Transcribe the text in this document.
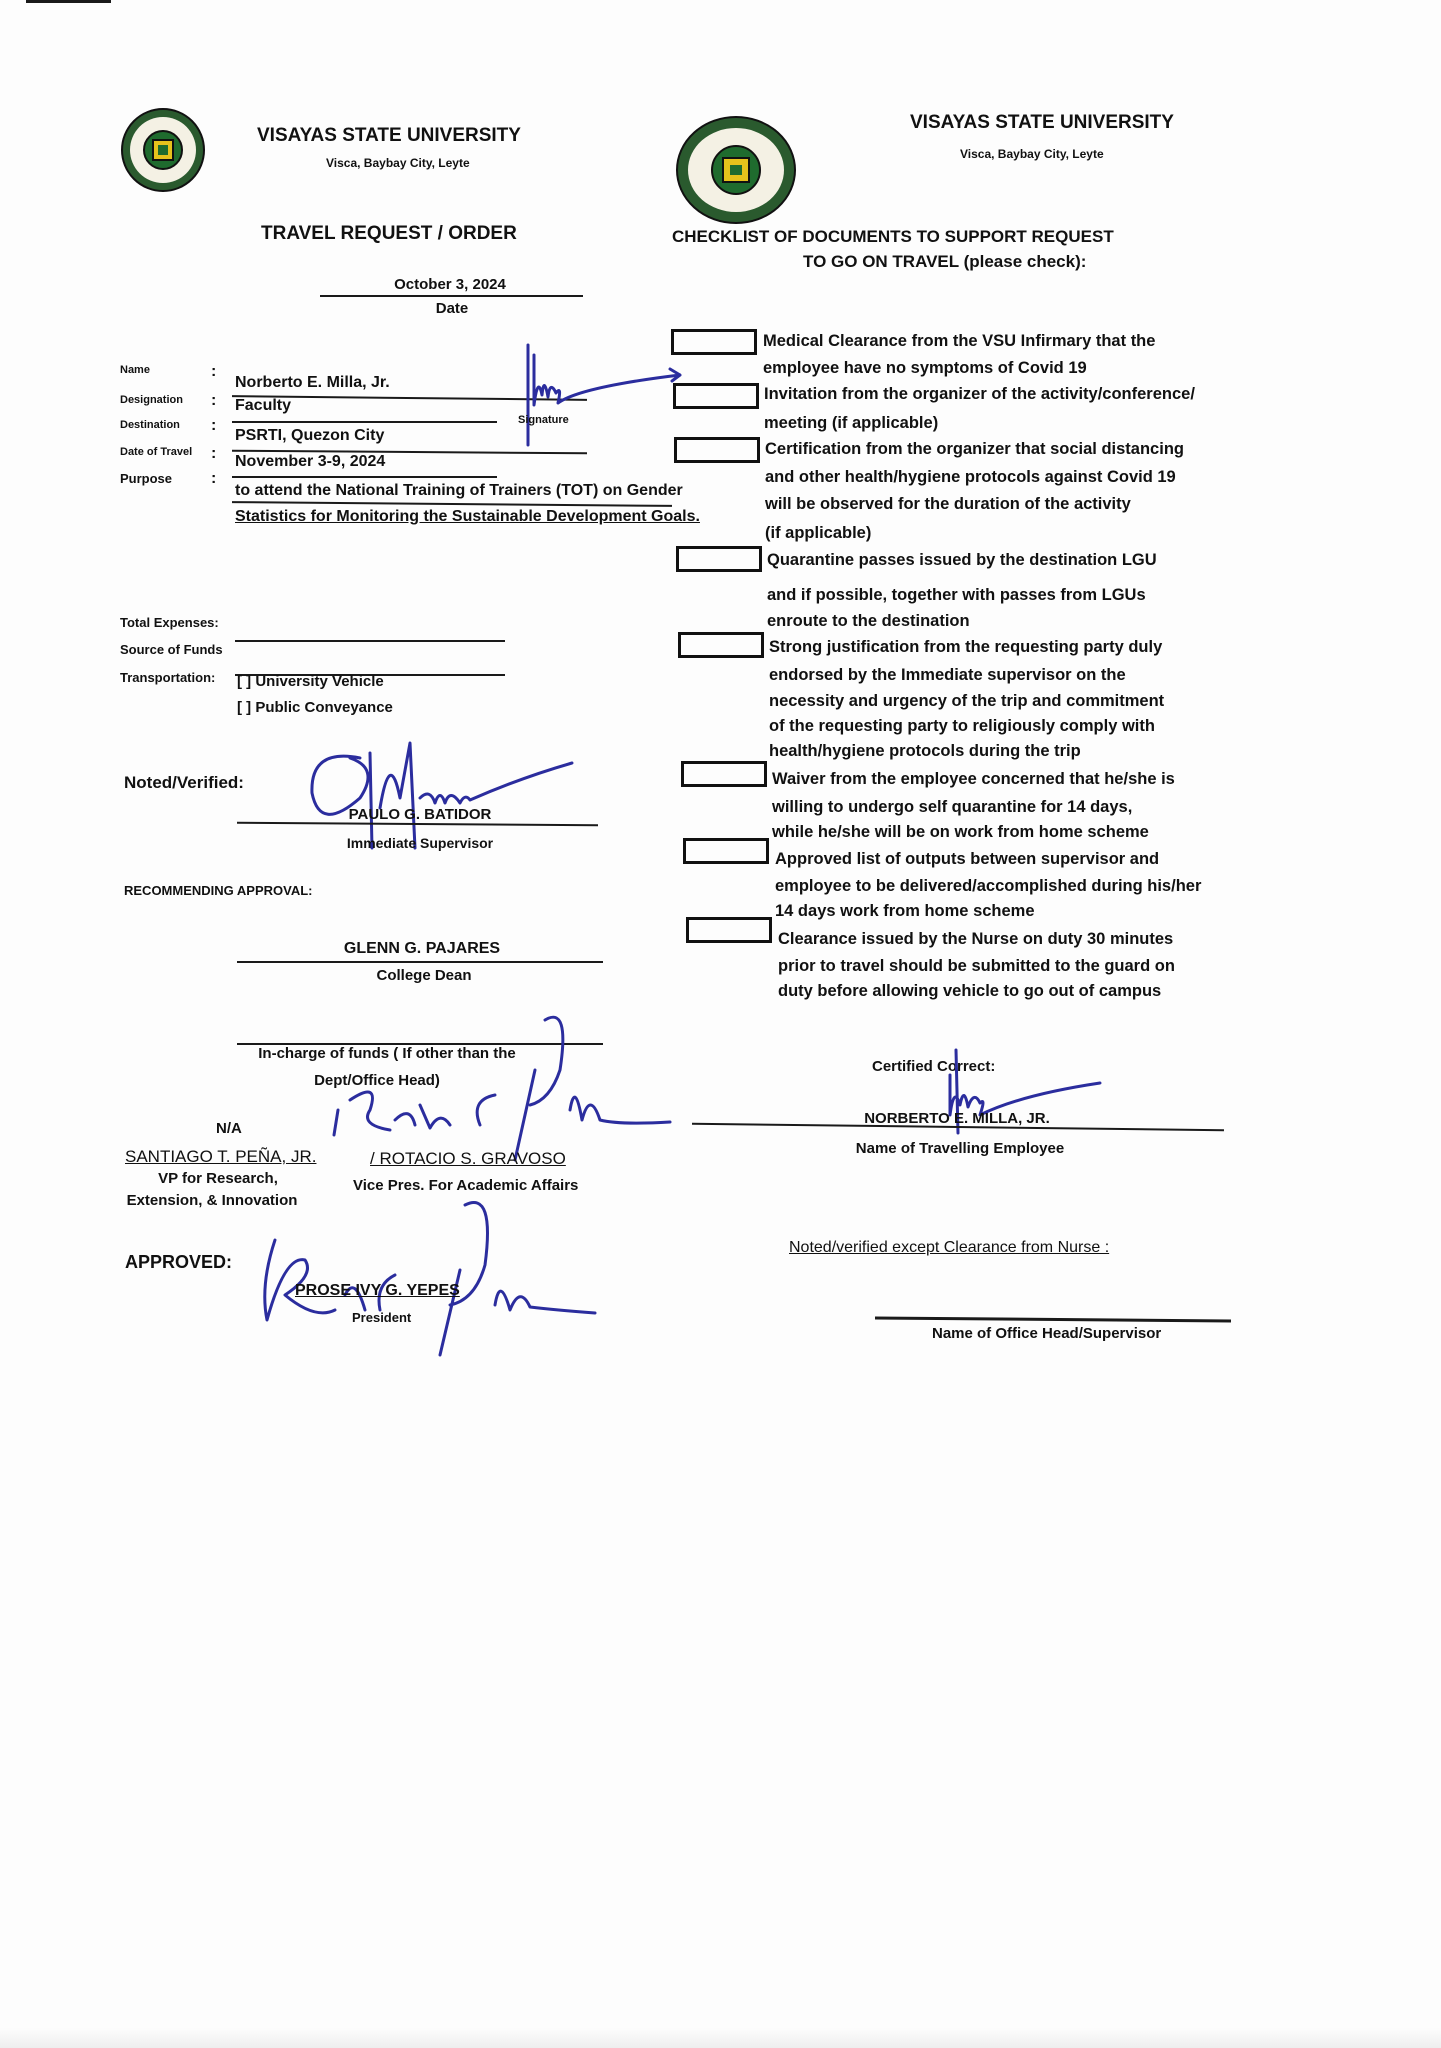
VISAYAS STATE UNIVERSITY
Visca, Baybay City, Leyte
TRAVEL REQUEST / ORDER
October 3, 2024
Date
Name
Designation
Destination
Date of Travel
Purpose
:
:
:
:
:
Norberto E. Milla, Jr.
Faculty
PSRTI, Quezon City
November 3-9, 2024
to attend the National Training of Trainers (TOT) on Gender
Statistics for Monitoring the Sustainable Development Goals.
Signature
Total Expenses:
Source of Funds
Transportation: [ ] University Vehicle
[ ] Public Conveyance
Noted/Verified:
PAULO G. BATIDOR
Immediate Supervisor
RECOMMENDING APPROVAL:
GLENN G. PAJARES
College Dean
In-charge of funds ( If other than the
Dept/Office Head)
N/A
SANTIAGO T. PEÑA, JR.	/ ROTACIO S. GRAVOSO
VP for Research,
Extension, & Innovation
Vice Pres. For Academic Affairs
APPROVED:
PROSE IVY G. YEPES
President
VISAYAS STATE UNIVERSITY
Visca, Baybay City, Leyte
CHECKLIST OF DOCUMENTS TO SUPPORT REQUEST
TO GO ON TRAVEL (please check):
Medical Clearance from the VSU Infirmary that the
employee have no symptoms of Covid 19
Invitation from the organizer of the activity/conference/
meeting (if applicable)
Certification from the organizer that social distancing
and other health/hygiene protocols against Covid 19
will be observed for the duration of the activity
(if applicable)
Quarantine passes issued by the destination LGU
and if possible, together with passes from LGUs
enroute to the destination
Strong justification from the requesting party duly
endorsed by the Immediate supervisor on the
necessity and urgency of the trip and commitment
of the requesting party to religiously comply with
health/hygiene protocols during the trip
Waiver from the employee concerned that he/she is
willing to undergo self quarantine for 14 days,
while he/she will be on work from home scheme
Approved list of outputs between supervisor and
employee to be delivered/accomplished during his/her
14 days work from home scheme
Clearance issued by the Nurse on duty 30 minutes
prior to travel should be submitted to the guard on
duty before allowing vehicle to go out of campus
Certified Correct:
NORBERTO E. MILLA, JR.
Name of Travelling Employee
Noted/verified except Clearance from Nurse :
Name of Office Head/Supervisor
